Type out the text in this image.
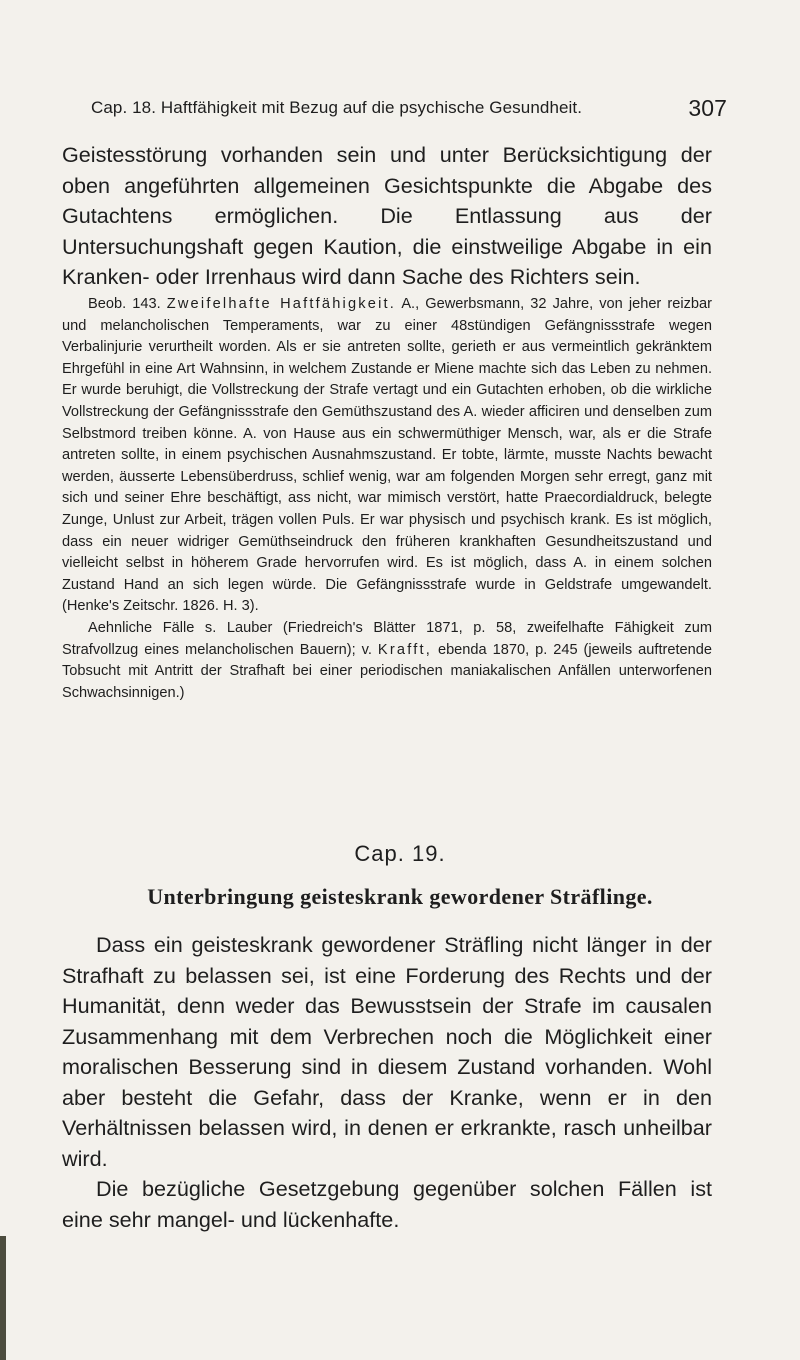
Cap. 18. Haftfähigkeit mit Bezug auf die psychische Gesundheit.	307

Geistesstörung vorhanden sein und unter Berücksichtigung der oben angeführten allgemeinen Gesichtspunkte die Abgabe des Gutachtens ermöglichen. Die Entlassung aus der Untersuchungshaft gegen Kaution, die einstweilige Abgabe in ein Kranken- oder Irrenhaus wird dann Sache des Richters sein.

Beob. 143. Zweifelhafte Haftfähigkeit. A., Gewerbsmann, 32 Jahre, von jeher reizbar und melancholischen Temperaments, war zu einer 48stündigen Gefängnissstrafe wegen Verbalinjurie verurtheilt worden. Als er sie antreten sollte, gerieth er aus vermeintlich gekränktem Ehrgefühl in eine Art Wahnsinn, in welchem Zustande er Miene machte sich das Leben zu nehmen. Er wurde beruhigt, die Vollstreckung der Strafe vertagt und ein Gutachten erhoben, ob die wirkliche Vollstreckung der Gefängnissstrafe den Gemüthszustand des A. wieder afficiren und denselben zum Selbstmord treiben könne. A. von Hause aus ein schwermüthiger Mensch, war, als er die Strafe antreten sollte, in einem psychischen Ausnahmszustand. Er tobte, lärmte, musste Nachts bewacht werden, äusserte Lebensüberdruss, schlief wenig, war am folgenden Morgen sehr erregt, ganz mit sich und seiner Ehre beschäftigt, ass nicht, war mimisch verstört, hatte Praecordialdruck, belegte Zunge, Unlust zur Arbeit, trägen vollen Puls. Er war physisch und psychisch krank. Es ist möglich, dass ein neuer widriger Gemüthseindruck den früheren krankhaften Gesundheitszustand und vielleicht selbst in höherem Grade hervorrufen wird. Es ist möglich, dass A. in einem solchen Zustand Hand an sich legen würde. Die Gefängnissstrafe wurde in Geldstrafe umgewandelt. (Henke's Zeitschr. 1826. H. 3).

Aehnliche Fälle s. Lauber (Friedreich's Blätter 1871, p. 58, zweifelhafte Fähigkeit zum Strafvollzug eines melancholischen Bauern); v. Krafft, ebenda 1870, p. 245 (jeweils auftretende Tobsucht mit Antritt der Strafhaft bei einer periodischen maniakalischen Anfällen unterworfenen Schwachsinnigen.)

Cap. 19.
Unterbringung geisteskrank gewordener Sträflinge.

Dass ein geisteskrank gewordener Sträfling nicht länger in der Strafhaft zu belassen sei, ist eine Forderung des Rechts und der Humanität, denn weder das Bewusstsein der Strafe im causalen Zusammenhang mit dem Verbrechen noch die Möglichkeit einer moralischen Besserung sind in diesem Zustand vorhanden. Wohl aber besteht die Gefahr, dass der Kranke, wenn er in den Verhältnissen belassen wird, in denen er erkrankte, rasch unheilbar wird.

Die bezügliche Gesetzgebung gegenüber solchen Fällen ist eine sehr mangel- und lückenhafte.
